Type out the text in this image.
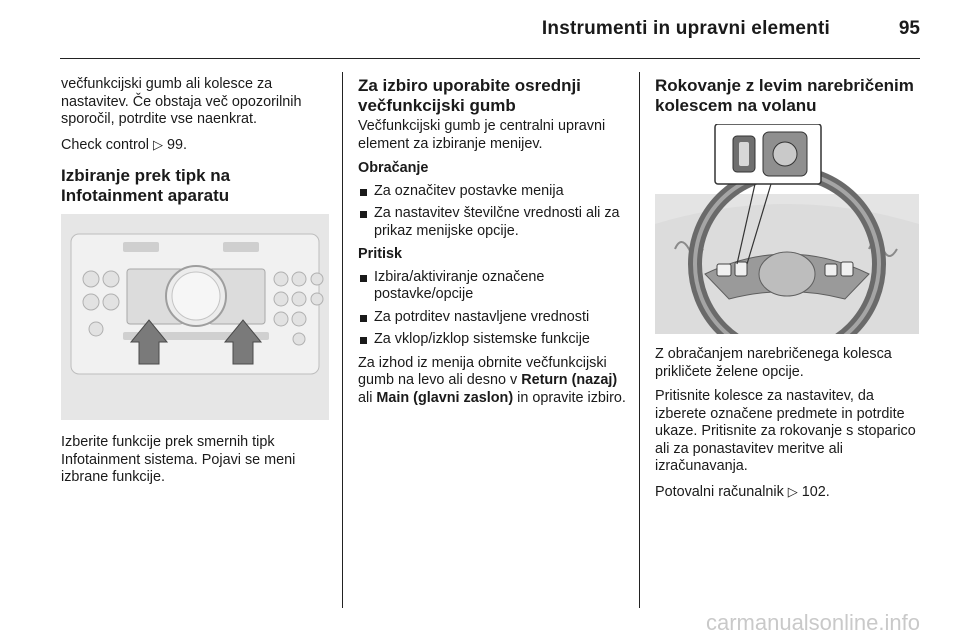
Instrumenti in upravni elementi	95

večfunkcijski gumb ali kolesce za nastavitev. Če obstaja več opozorilnih sporočil, potrdite vse naenkrat.

Check control ▷ 99.

Izbiranje prek tipk na Infotainment aparatu

Izberite funkcije prek smernih tipk Infotainment sistema. Pojavi se meni izbrane funkcije.

Za izbiro uporabite osrednji večfunkcijski gumb

Večfunkcijski gumb je centralni upravni element za izbiranje menijev.

Obračanje

Za označitev postavke menija
Za nastavitev številčne vrednosti ali za prikaz menijske opcije.

Pritisk

Izbira/aktiviranje označene postavke/opcije
Za potrditev nastavljene vrednosti
Za vklop/izklop sistemske funkcije

Za izhod iz menija obrnite večfunkcijski gumb na levo ali desno v Return (nazaj) ali Main (glavni zaslon) in opravite izbiro.

Rokovanje z levim narebričenim kolescem na volanu

Z obračanjem narebričenega kolesca prikličete želene opcije.

Pritisnite kolesce za nastavitev, da izberete označene predmete in potrdite ukaze. Pritisnite za rokovanje s stoparico ali za ponastavitev meritve ali izračunavanja.

Potovalni računalnik ▷ 102.

carmanualsonline.info
